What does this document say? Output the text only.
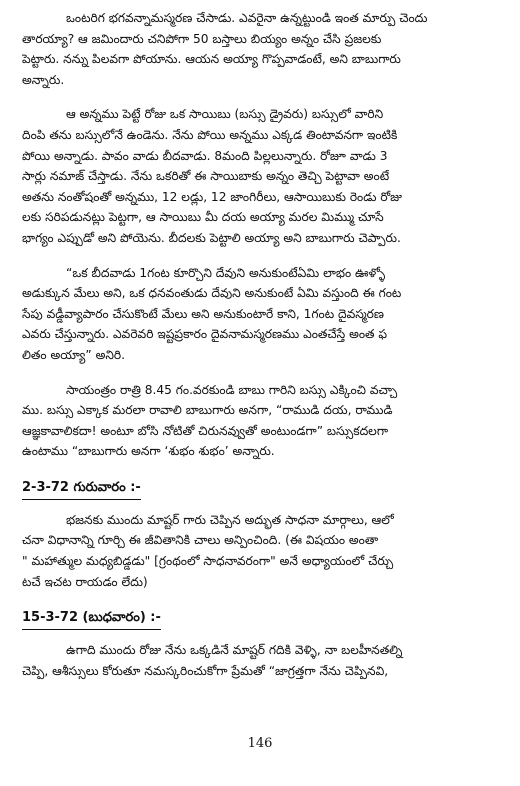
ఒంటరిగ భగవన్నామస్మరణ చేసాడు. ఎవరైనా ఉన్నట్టుండి ఇంత మార్పు చెందు
తారయ్యా? ఆ జమిందారు చనిపోగా 50 బస్తాలు బియ్యం అన్నం చేసి ప్రజలకు
పెట్టారు. నన్ను పిలవగా పోయాను. ఆయన అయ్యా గొప్పవాడంటే, అని బాబుగారు
అన్నారు.
ఆ అన్నము పెట్టే రోజు ఒక సాయిబు (బస్సు డ్రైవరు) బస్సులో వారిని
దింపి తను బస్సులోనే ఉండెను. నేను పోయి అన్నము ఎక్కడ తింటావనగా ఇంటికి
పోయి అన్నాడు. పావం వాడు బీదవాడు. 8మంది పిల్లలున్నారు. రోజూ వాడు 3
సార్లు నమాజ్ చేస్తాడు. నేను ఒకరితో ఈ సాయిబాకు అన్నం తెచ్చి పెట్టావా అంటే
అతను నంతోషంతో అన్నము, 12 లడ్లు, 12 జాంగిరీలు, ఆసాయిబుకు రెండు రోజు
లకు సరిపడునట్లు పెట్టగా, ఆ సాయిబు మీ దయ అయ్యా మరల మిమ్ము చూసే
భాగ్యం ఎప్పుడో అని పోయెను. బీదలకు పెట్టాలి అయ్యా అని బాబుగారు చెప్పారు.
“ఒక బీదవాడు 1గంట కూర్చొని దేవుని అనుకుంటేఏమి లాభం ఊళ్ళో
అడుక్కున మేలు అని, ఒక ధనవంతుడు దేవుని అనుకుంటే ఏమి వస్తుంది ఈ గంట
సేపు వడ్డీవ్యాపారం చేసుకొంటే మేలు అని అనుకుంటారే కాని, 1గంట దైవస్మరణ
ఎవరు చేస్తున్నారు. ఎవరెవరి ఇష్టప్రకారం దైవనామస్మరణము ఎంతచేస్తే అంత ఫ
లితం అయ్యా” అనిరి.
సాయంత్రం రాత్రి 8.45 గం.వరకుండి బాబు గారిని బస్సు ఎక్కించి వచ్చా
ము. బస్సు ఎక్కాక మరలా రావాలి బాబుగారు అనగా, “రాముడి దయ, రాముడి
ఆజ్ఞకావాలికదా! అంటూ బోసి నోటితో చిరునవ్వుతో అంటుండగా” బస్సుకదలగా
ఉంటాము “బాబుగారు అనగా ‘శుభం శుభం’ అన్నారు.
2-3-72 గురువారం :-
భజనకు ముందు మాష్టర్ గారు చెప్పిన అద్భుత సాధనా మార్గాలు, ఆలో
చనా విధానాన్ని గూర్చి ఈ జీవితానికి చాలు అన్పించింది. (ఈ విషయం అంతా
" మహాత్ముల మధ్యబిడ్డడు" [గ్రంథంలో సాధనావరంగా" అనే అధ్యాయంలో చేర్చు
టచే ఇచట రాయడం లేదు)
15-3-72 (బుధవారం) :-
ఉగాది ముందు రోజు నేను ఒక్కడినే మాష్టర్ గదికి వెళ్ళి, నా బలహీనతల్ని
చెప్పి, ఆశీస్సులు కోరుతూ నమస్కరించుకోగా ప్రేమతో “జాగ్రత్తగా నేను చెప్పినవి,
146
